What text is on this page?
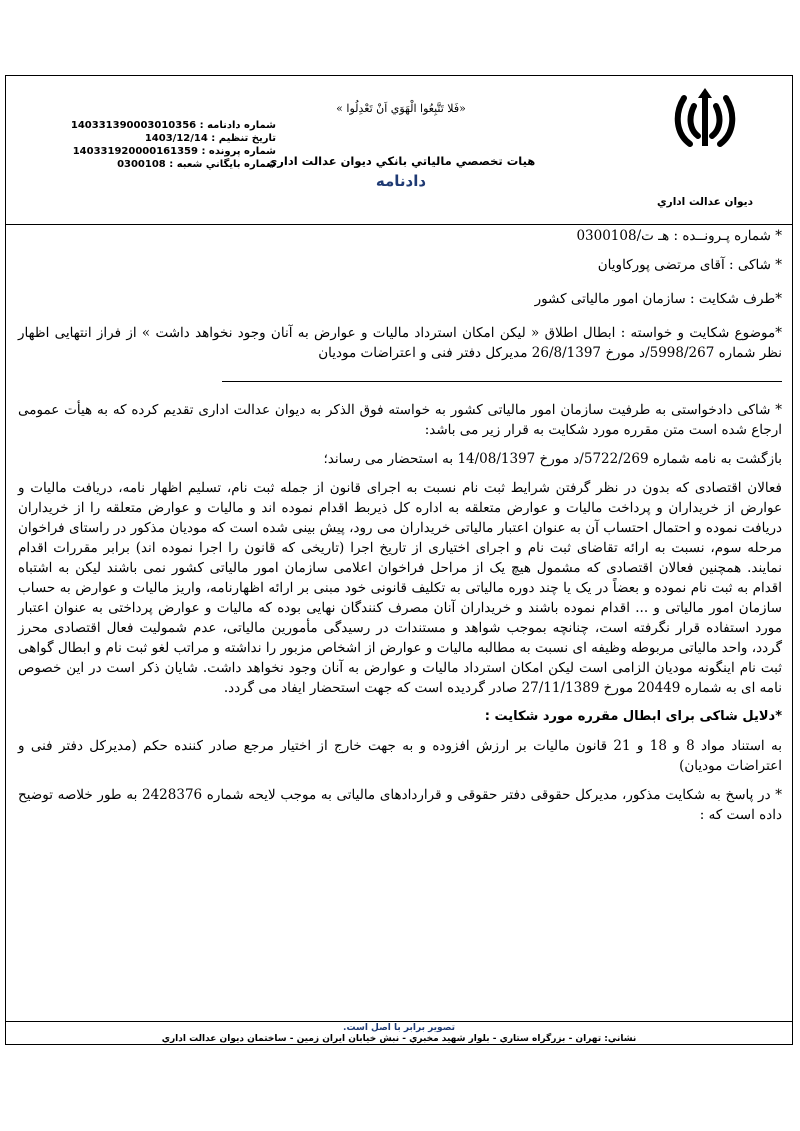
ديوان عدالت اداري
«فَلا تَتَّبِعُوا الْهَوَي اَنْ تَعْدِلُوا »
هيات تخصصي مالياتي بانكي ديوان عدالت اداري
دادنامه
شماره دادنامه : 140331390003010356
تاريخ تنظيم : 1403/12/14
شماره پرونده : 140331920000161359
شماره بايگاني شعبه : 0300108

* شماره پـرونــده : هـ ت/0300108

* شاکی : آقای مرتضی پورکاویان

*طرف شکایت : سازمان امور مالیاتی کشور

*موضوع شکایت و خواسته : ابطال اطلاق « لیکن امکان استرداد مالیات و عوارض به آنان وجود نخواهد داشت » از فراز انتهایی اظهار نظر شماره 5998/267/د مورخ 26/8/1397 مدیرکل دفتر فنی و اعتراضات مودیان

* شاکی دادخواستی به طرفیت سازمان امور مالیاتی کشور به خواسته فوق الذکر به دیوان عدالت اداری تقدیم کرده که به هیأت عمومی ارجاع شده است متن مقرره مورد شکایت به قرار زیر می باشد:

بازگشت به نامه شماره 5722/269/د مورخ 14/08/1397 به استحضار می رساند؛

فعالان اقتصادی که بدون در نظر گرفتن شرایط ثبت نام نسبت به اجرای قانون از جمله ثبت نام، تسلیم اظهار نامه، دریافت مالیات و عوارض از خریداران و پرداخت مالیات و عوارض متعلقه به اداره کل ذیربط اقدام نموده اند و مالیات و عوارض متعلقه را از خریداران دریافت نموده و احتمال احتساب آن به عنوان اعتبار مالیاتی خریداران می رود، پیش بینی شده است که مودیان مذکور در راستای فراخوان مرحله سوم، نسبت به ارائه تقاضای ثبت نام و اجرای اختیاری از تاریخ اجرا (تاریخی که قانون را اجرا نموده اند) برابر مقررات اقدام نمایند. همچنین فعالان اقتصادی که مشمول هیچ یک از مراحل فراخوان اعلامی سازمان امور مالیاتی کشور نمی باشند لیکن به اشتباه اقدام به ثبت نام نموده و بعضاً در یک یا چند دوره مالیاتی به تکلیف قانونی خود مبنی بر ارائه اظهارنامه، واریز مالیات و عوارض به حساب سازمان امور مالیاتی و ... اقدام نموده باشند و خریداران آنان مصرف کنندگان نهایی بوده که مالیات و عوارض پرداختی به عنوان اعتبار مورد استفاده قرار نگرفته است، چنانچه بموجب شواهد و مستندات در رسیدگی مأمورین مالیاتی، عدم شمولیت فعال اقتصادی محرز گردد، واحد مالیاتی مربوطه وظیفه ای نسبت به مطالبه مالیات و عوارض از اشخاص مزبور را نداشته و مراتب لغو ثبت نام و ابطال گواهی ثبت نام اینگونه مودیان الزامی است لیکن امکان استرداد مالیات و عوارض به آنان وجود نخواهد داشت. شایان ذکر است در این خصوص نامه ای به شماره 20449 مورخ 27/11/1389 صادر گردیده است که جهت استحضار ایفاد می گردد.

*دلایل شاکی برای ابطال مقرره مورد شکایت :

به استناد مواد 8 و 18 و 21 قانون مالیات بر ارزش افزوده و به جهت خارج از اختیار مرجع صادر کننده حکم (مدیرکل دفتر فنی و اعتراضات مودیان)

* در پاسخ به شکایت مذکور، مدیرکل حقوقی دفتر حقوقی و قراردادهای مالیاتی به موجب لایحه شماره 2428376 به طور خلاصه توضیح داده است که :

تصوير برابر با اصل است.
نشاني: تهران - بزرگراه ستاري - بلوار شهيد مخبري - نبش خيابان ايران زمين - ساختمان ديوان عدالت اداري
